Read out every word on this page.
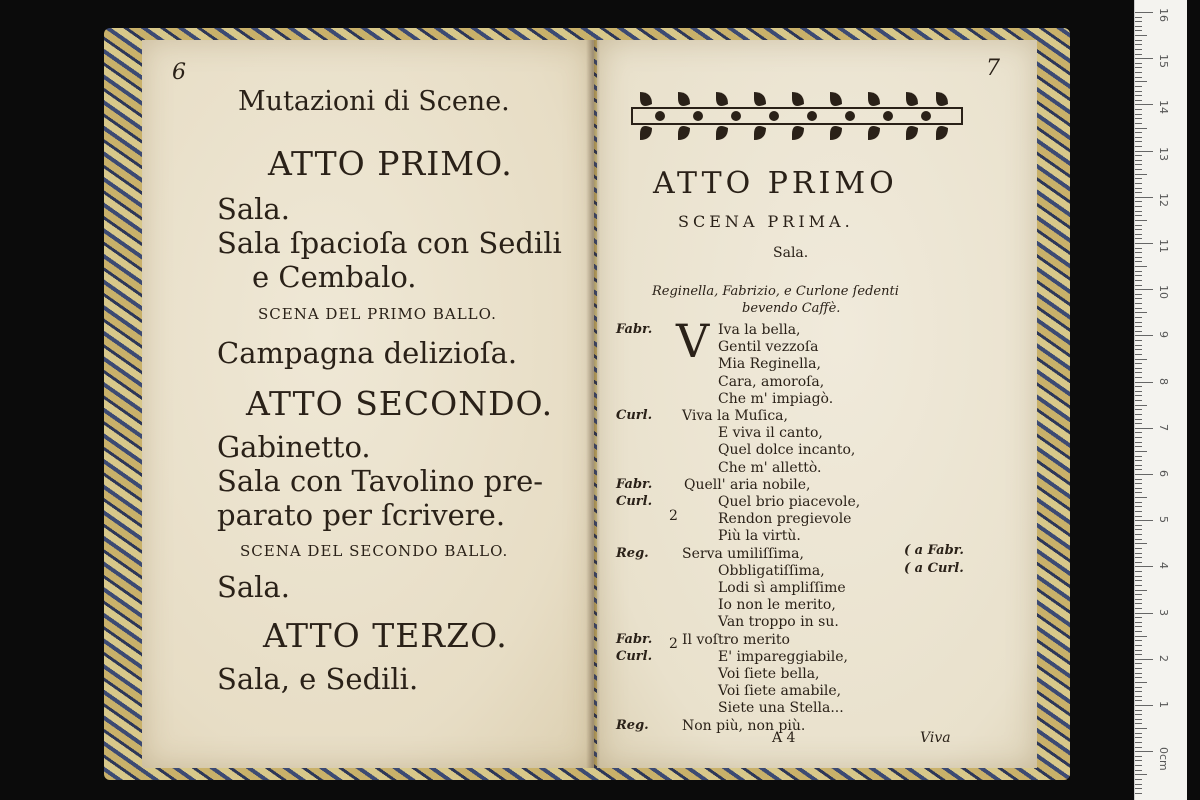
6
Mutazioni di Scene.
ATTO PRIMO.
Sala.
Sala ſpacioſa con Sedili
e Cembalo.
SCENA DEL PRIMO BALLO.
Campagna delizioſa.
ATTO SECONDO.
Gabinetto.
Sala con Tavolino pre-
parato per ſcrivere.
SCENA DEL SECONDO BALLO.
Sala.
ATTO TERZO.
Sala, e Sedili.
7
ATTO PRIMO
SCENA PRIMA.
Sala.
Reginella, Fabrizio, e Curlone ſedenti
bevendo Caffè.
V
Fabr.	Iva la bella,
Gentil vezzoſa
Mia Reginella,
Cara, amoroſa,
Che m' impiagò.
Curl. Viva la Muſica,
E viva il canto,
Quel dolce incanto,
Che m' allettò.
Fabr. Quell' aria nobile,
Curl.	Quel brio piacevole,
Rendon pregievole
Più la virtù.
Reg. Serva umiliſſima,
Obbligatiſſima,
Lodi sì ampliſſime
Io non le merito,
Van troppo in su.
Fabr. Il voſtro merito
Curl.	E' impareggiabile,
Voi ſiete bella,
Voi ſiete amabile,
Siete una Stella...
Reg. Non più, non più.
2
2
( a Fabr.
( a Curl.
A 4	Viva
16
15
14
13
12
11
10
9
8
7
6
5
4
3
2
1
0cm
